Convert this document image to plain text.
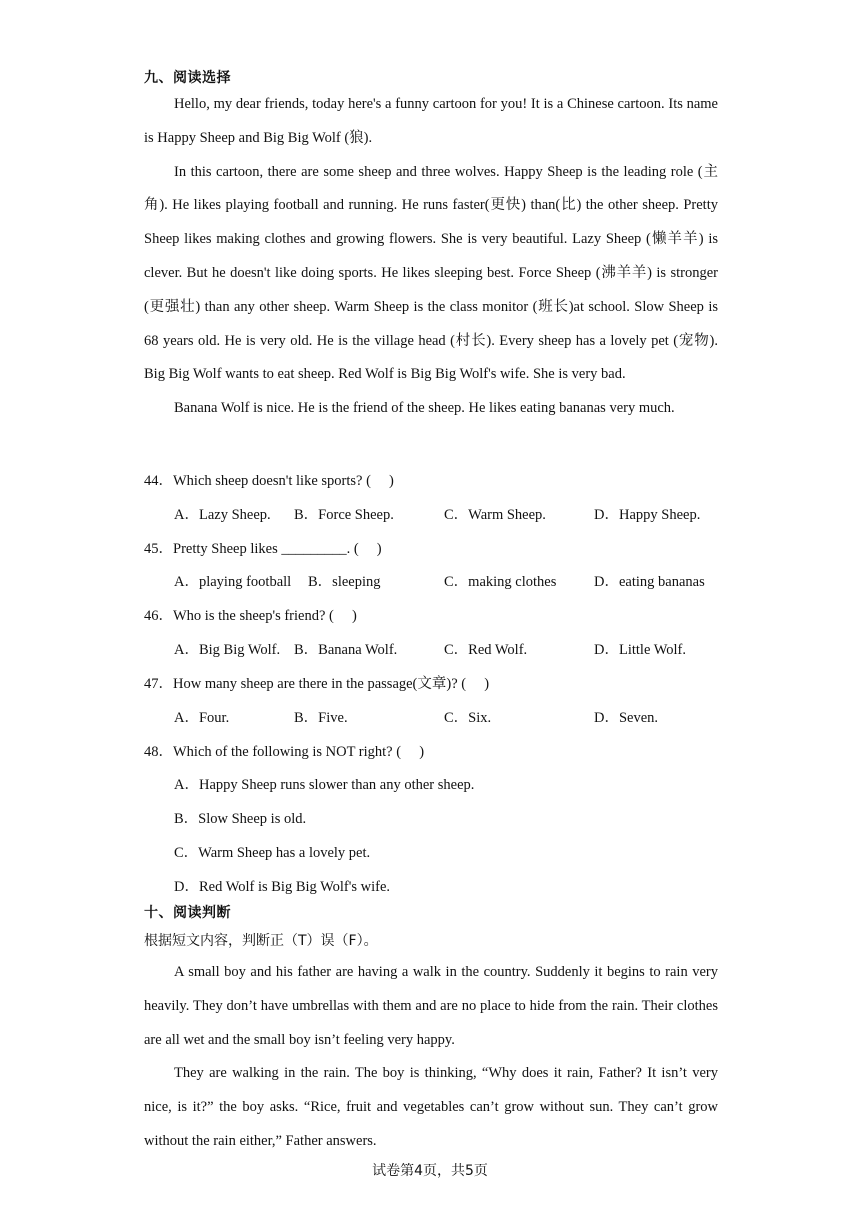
九、阅读选择

Hello, my dear friends, today here's a funny cartoon for you! It is a Chinese cartoon. Its name is Happy Sheep and Big Big Wolf (狼).

In this cartoon, there are some sheep and three wolves. Happy Sheep is the leading role (主角). He likes playing football and running. He runs faster(更快) than(比) the other sheep. Pretty Sheep likes making clothes and growing flowers. She is very beautiful. Lazy Sheep (懒羊羊) is clever. But he doesn't like doing sports. He likes sleeping best. Force Sheep (沸羊羊) is stronger (更强壮) than any other sheep. Warm Sheep is the class monitor (班长)at school. Slow Sheep is 68 years old. He is very old. He is the village head (村长). Every sheep has a lovely pet (宠物). Big Big Wolf wants to eat sheep. Red Wolf is Big Big Wolf's wife. She is very bad.

Banana Wolf is nice. He is the friend of the sheep. He likes eating bananas very much.

44．Which sheep doesn't like sports? (　 )
A．Lazy Sheep. B．Force Sheep.	C．Warm Sheep.	D．Happy Sheep.
45．Pretty Sheep likes _________. (　 )
A．playing football B．sleeping	C．making clothes	D．eating bananas
46．Who is the sheep's friend? (　 )
A．Big Big Wolf. B．Banana Wolf.	C．Red Wolf.	D．Little Wolf.
47．How many sheep are there in the passage(文章)? (　 )
A．Four.	B．Five.	C．Six.	D．Seven.
48．Which of the following is NOT right? (　 )
A．Happy Sheep runs slower than any other sheep.
B．Slow Sheep is old.
C．Warm Sheep has a lovely pet.
D．Red Wolf is Big Big Wolf's wife.
十、阅读判断
根据短文内容，判断正（T）误（F）。

A small boy and his father are having a walk in the country. Suddenly it begins to rain very heavily. They don’t have umbrellas with them and are no place to hide from the rain. Their clothes are all wet and the small boy isn’t feeling very happy.

They are walking in the rain. The boy is thinking, “Why does it rain, Father? It isn’t very nice, is it?” the boy asks. “Rice, fruit and vegetables can’t grow without sun. They can’t grow without the rain either,” Father answers.

试卷第4页，共5页
